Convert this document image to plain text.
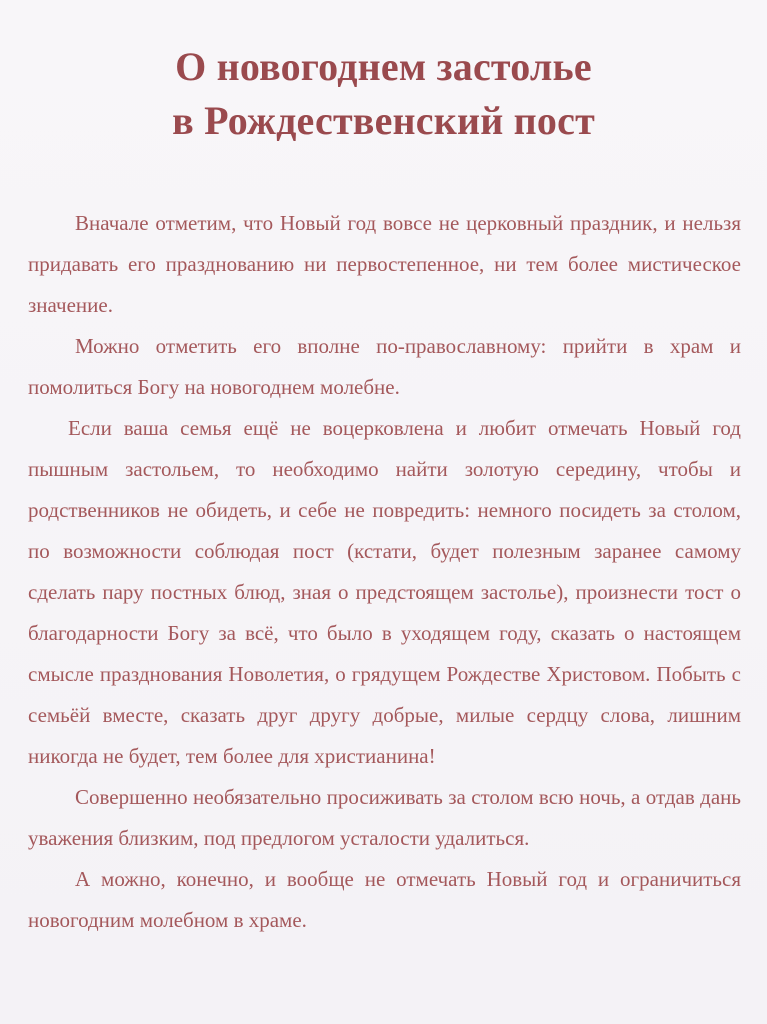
О новогоднем застолье
в Рождественский пост

Вначале отметим, что Новый год вовсе не церковный праздник, и нельзя придавать его празднованию ни первостепенное, ни тем более мистическое значение.

Можно отметить его вполне по-православному: прийти в храм и помолиться Богу на новогоднем молебне.

Если ваша семья ещё не воцерковлена и любит отмечать Новый год пышным застольем, то необходимо найти золотую середину, чтобы и родственников не обидеть, и себе не повредить: немного посидеть за столом, по возможности соблюдая пост (кстати, будет полезным заранее самому сделать пару постных блюд, зная о предстоящем застолье), произнести тост о благодарности Богу за всё, что было в уходящем году, сказать о настоящем смысле празднования Новолетия, о грядущем Рождестве Христовом. Побыть с семьёй вместе, сказать друг другу добрые, милые сердцу слова, лишним никогда не будет, тем более для христианина!

Совершенно необязательно просиживать за столом всю ночь, а отдав дань уважения близким, под предлогом усталости удалиться.

А можно, конечно, и вообще не отмечать Новый год и ограничиться новогодним молебном в храме.
